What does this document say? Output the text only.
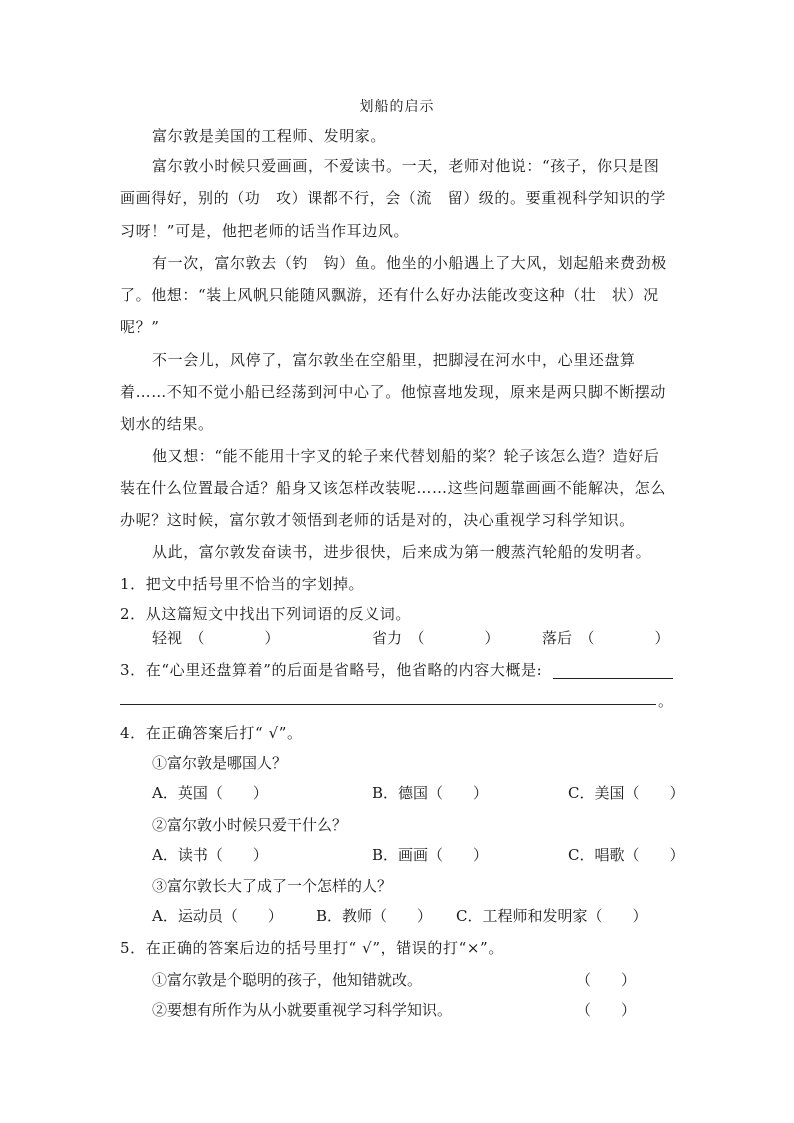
划船的启示
富尔敦是美国的工程师、发明家。
富尔敦小时候只爱画画，不爱读书。一天，老师对他说：“孩子，你只是图
画画得好，别的（功　攻）课都不行，会（流　留）级的。要重视科学知识的学
习呀！”可是，他把老师的话当作耳边风。
有一次，富尔敦去（钓　钩）鱼。他坐的小船遇上了大风，划起船来费劲极
了。他想：“装上风帆只能随风飘游，还有什么好办法能改变这种（壮　状）况
呢？”
不一会儿，风停了，富尔敦坐在空船里，把脚浸在河水中，心里还盘算
着……不知不觉小船已经荡到河中心了。他惊喜地发现，原来是两只脚不断摆动
划水的结果。
他又想：“能不能用十字叉的轮子来代替划船的桨？轮子该怎么造？造好后
装在什么位置最合适？船身又该怎样改装呢……这些问题靠画画不能解决，怎么
办呢？这时候，富尔敦才领悟到老师的话是对的，决心重视学习科学知识。
从此，富尔敦发奋读书，进步很快，后来成为第一艘蒸汽轮船的发明者。
1．把文中括号里不恰当的字划掉。
2．从这篇短文中找出下列词语的反义词。
轻视　（　　　　）	省力　（　　　　）	落后　（　　　　）
3．在“心里还盘算着”的后面是省略号，他省略的内容大概是:
。
4．在正确答案后打“ √”。
①富尔敦是哪国人？
A．英国（　　）	B．德国（　　）	C．美国（　　）
②富尔敦小时候只爱干什么？
A．读书（　　）	B．画画（　　）	C．唱歌（　　）
③富尔敦长大了成了一个怎样的人？
A．运动员（　　） B．教师（　　） C．工程师和发明家（　　）
5．在正确的答案后边的括号里打“ √”，错误的打“×”。
①富尔敦是个聪明的孩子，他知错就改。	（　　）
②要想有所作为从小就要重视学习科学知识。	（　　）
